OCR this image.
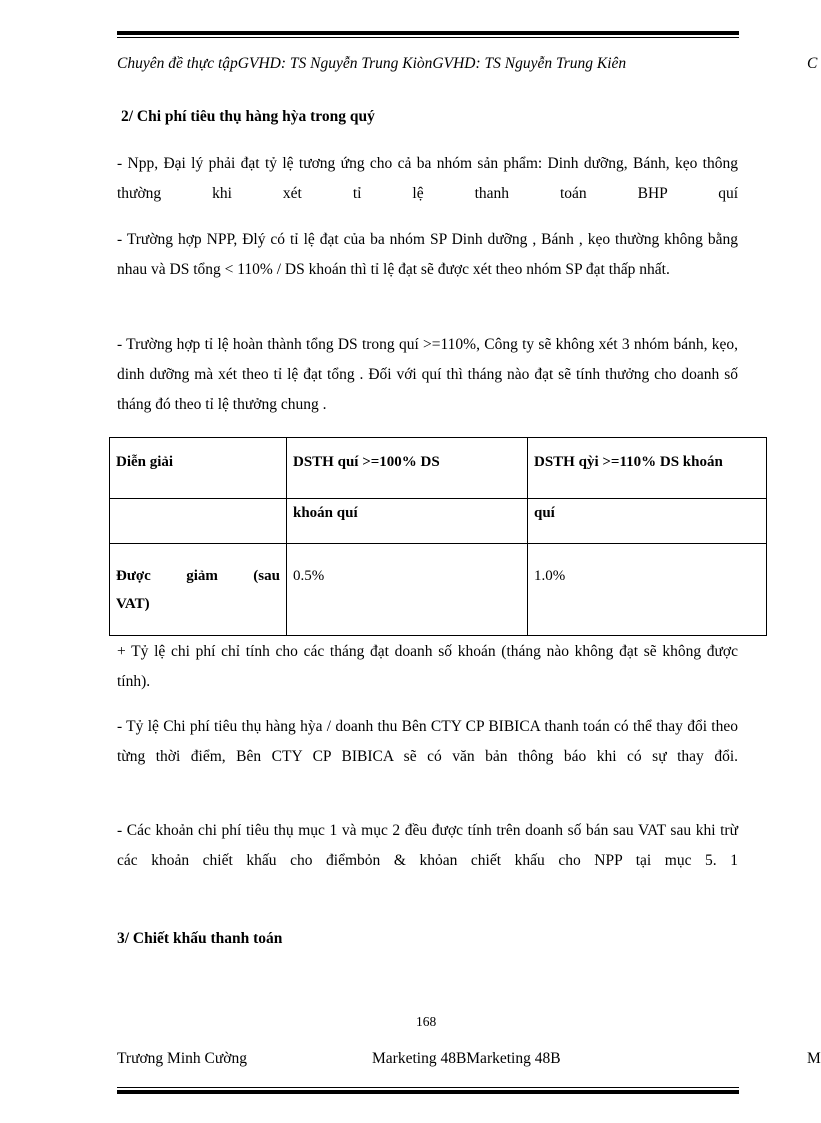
Chuyên đề thực tậpGVHD: TS Nguyễn Trung KiònGVHD: TS Nguyễn Trung Kiên	C
2/ Chi phí tiêu thụ hàng hỳa trong quý
- Npp, Đại lý phải đạt tỷ lệ tương ứng cho cả ba nhóm sản phẩm: Dinh dưỡng, Bánh, kẹo thông thường khi xét tỉ lệ thanh toán BHP quí
- Trường hợp NPP, Đlý có tỉ lệ đạt của ba nhóm SP Dinh dưỡng , Bánh , kẹo thường không bằng nhau và DS tổng < 110% / DS khoán thì tỉ lệ đạt sẽ được xét theo nhóm SP đạt thấp nhất.
- Trường hợp tỉ lệ hoàn thành tổng DS trong quí >=110%, Công ty sẽ không xét 3 nhóm bánh, kẹo, dinh dưỡng mà xét theo tỉ lệ đạt tổng . Đối với quí thì tháng nào đạt sẽ tính thưởng cho doanh số tháng đó theo tỉ lệ thưởng chung .
Diễn giải	DSTH quí >=100% DS	DSTH qỳi >=110% DS khoán
	khoán quí	quí

Được giảm (sau
VAT)	0.5%	1.0%
+ Tỷ lệ chi phí chỉ tính cho các tháng đạt doanh số khoán (tháng nào không đạt sẽ không được tính).
- Tỷ lệ Chi phí tiêu thụ hàng hỳa / doanh thu Bên CTY CP BIBICA thanh toán có thể thay đổi theo từng thời điểm, Bên CTY CP BIBICA sẽ có văn bản thông báo khi có sự thay đổi.
- Các khoản chi phí tiêu thụ mục 1 và mục 2 đều được tính trên doanh số bán sau VAT sau khi trừ các khoản chiết khấu cho điểmbỏn & khỏan chiết khấu cho NPP tại mục 5. 1
3/ Chiết khấu thanh toán
168
Trương Minh Cường	Marketing 48BMarketing 48B	M
